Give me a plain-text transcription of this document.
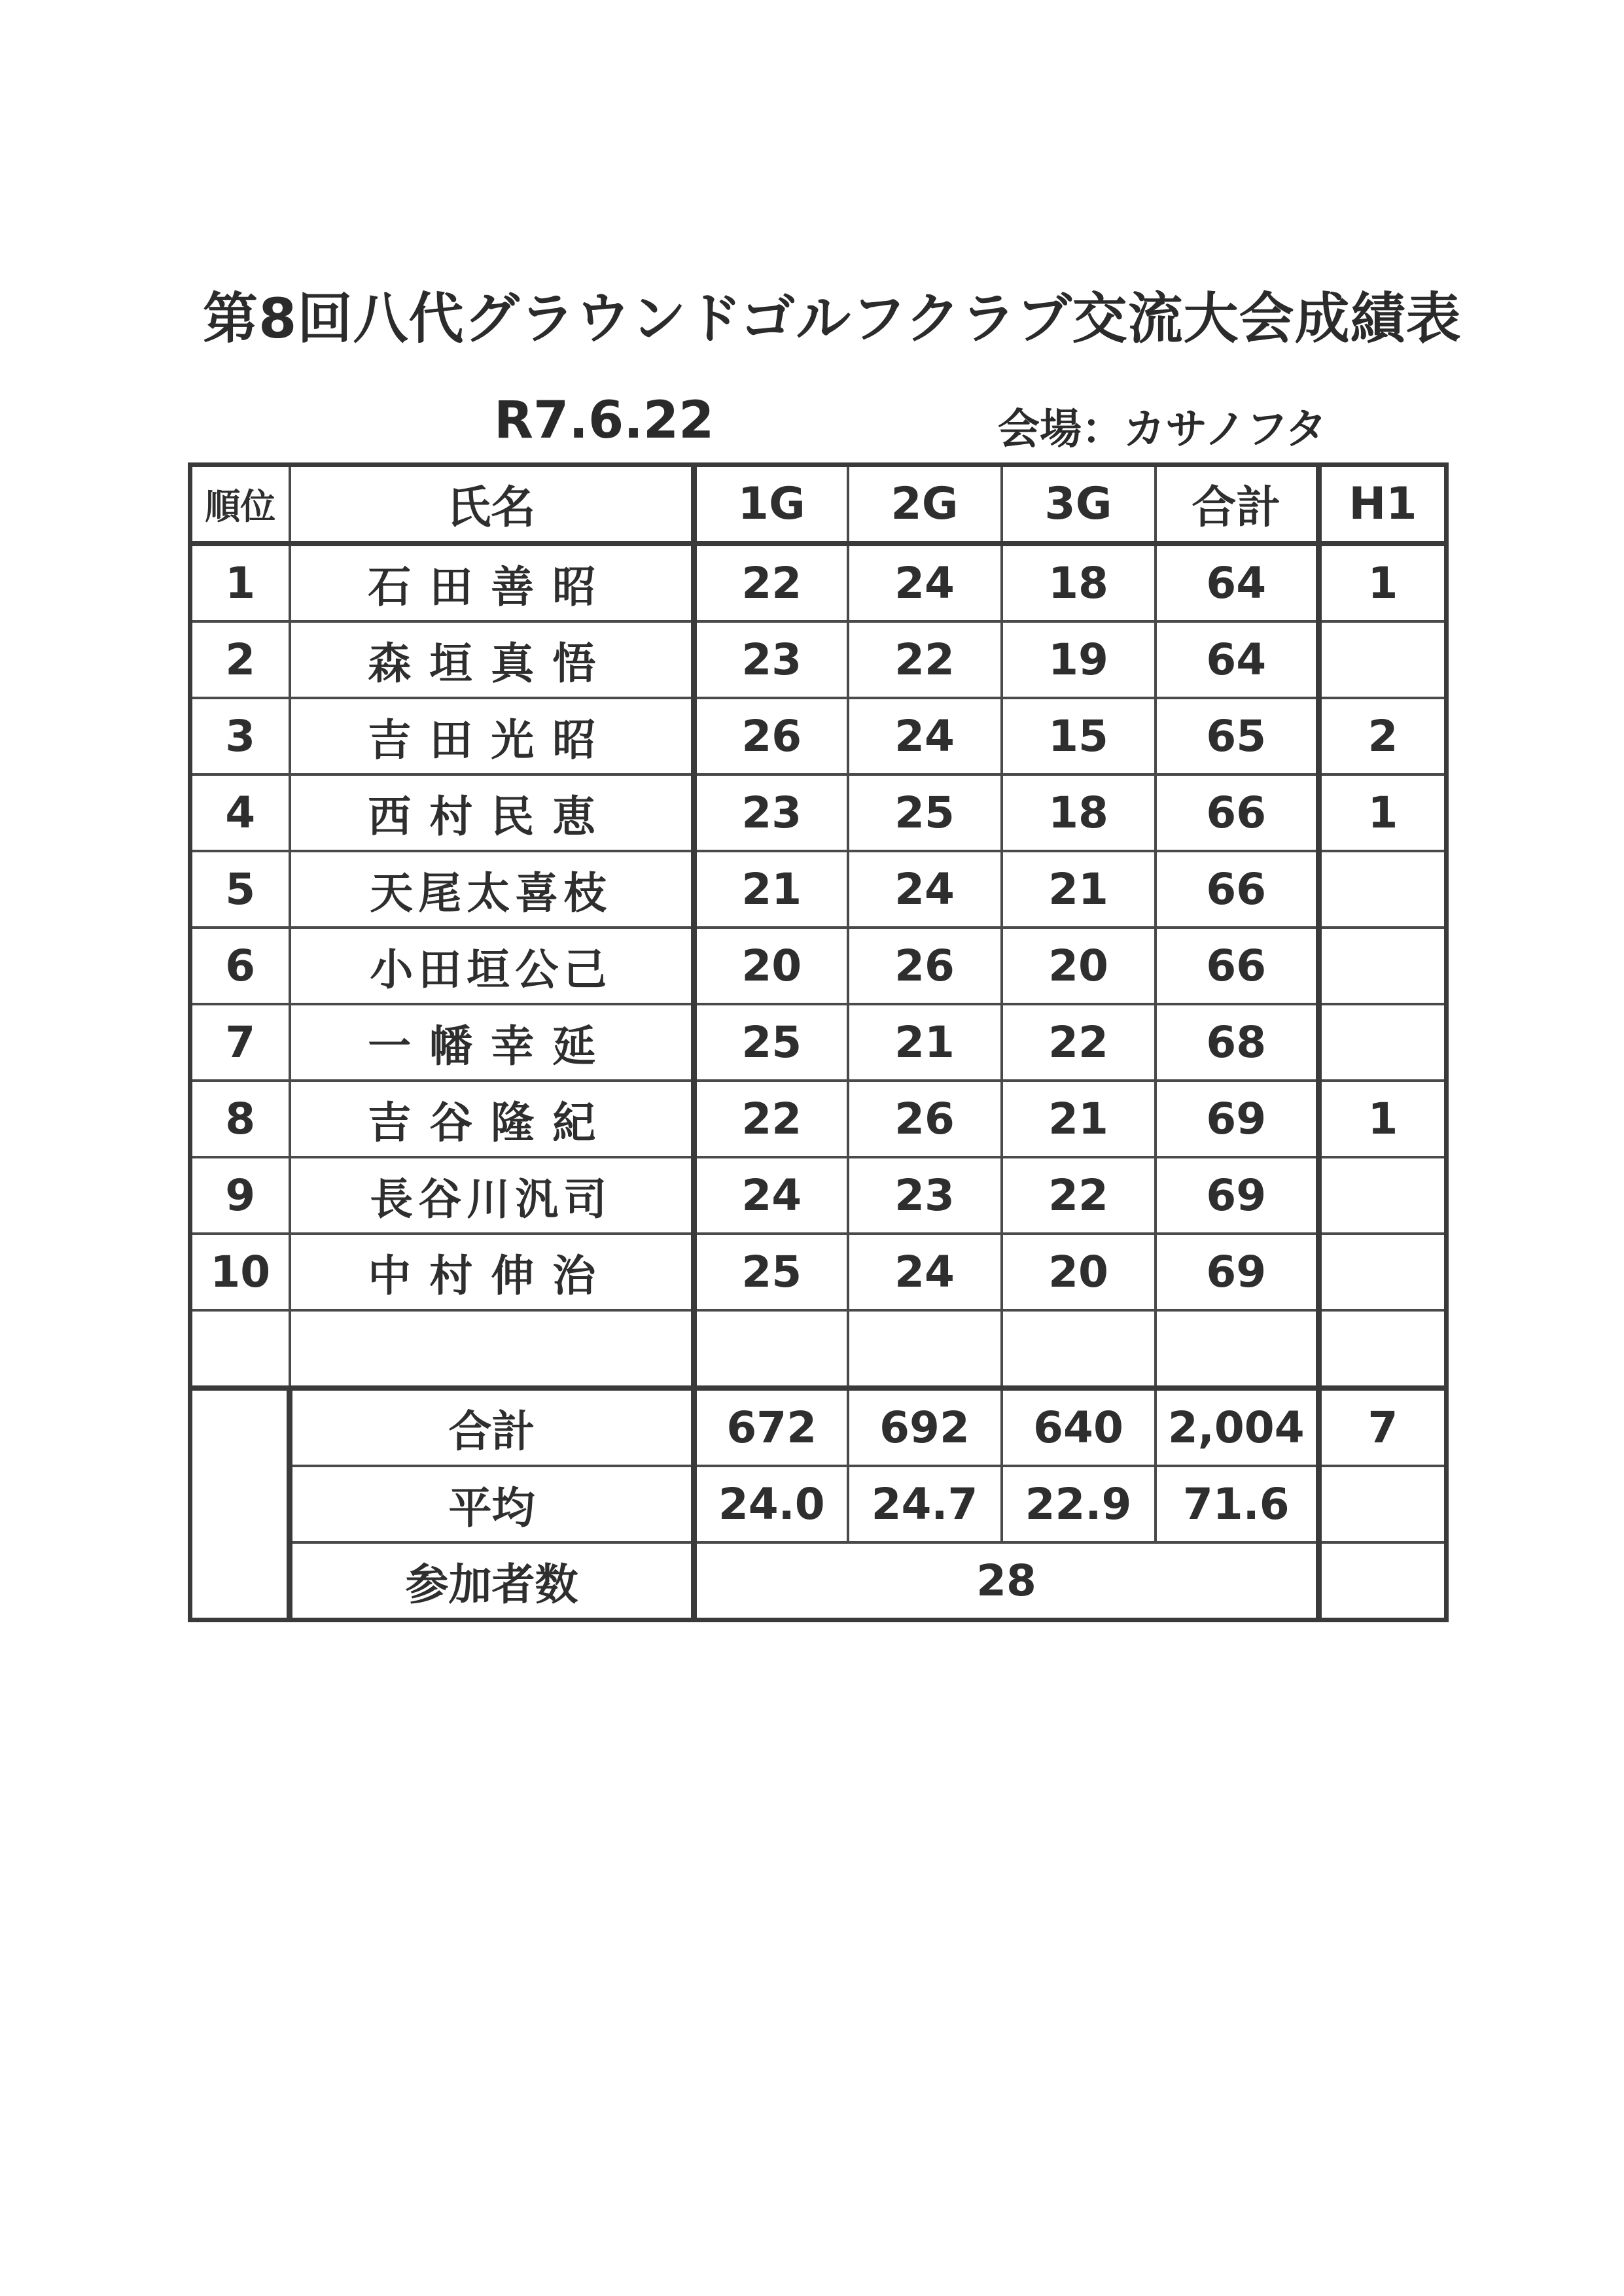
第8回八代グラウンドゴルフクラブ交流大会成績表
R7.6.22	会場：カサノフタ
順位	氏名	1G	2G	3G	合計	H1
1	石田善昭	22	24	18	64	1
2	森垣真悟	23	22	19	64	
3	吉田光昭	26	24	15	65	2
4	西村民恵	23	25	18	66	1
5	天尾太喜枝	21	24	21	66	
6	小田垣公己	20	26	20	66	
7	一幡幸延	25	21	22	68	
8	吉谷隆紀	22	26	21	69	1
9	長谷川汎司	24	23	22	69	
10	中村伸治	25	24	20	69	

	合計	672	692	640	2,004	7
	平均	24.0	24.7	22.9	71.6	
	参加者数	28				
